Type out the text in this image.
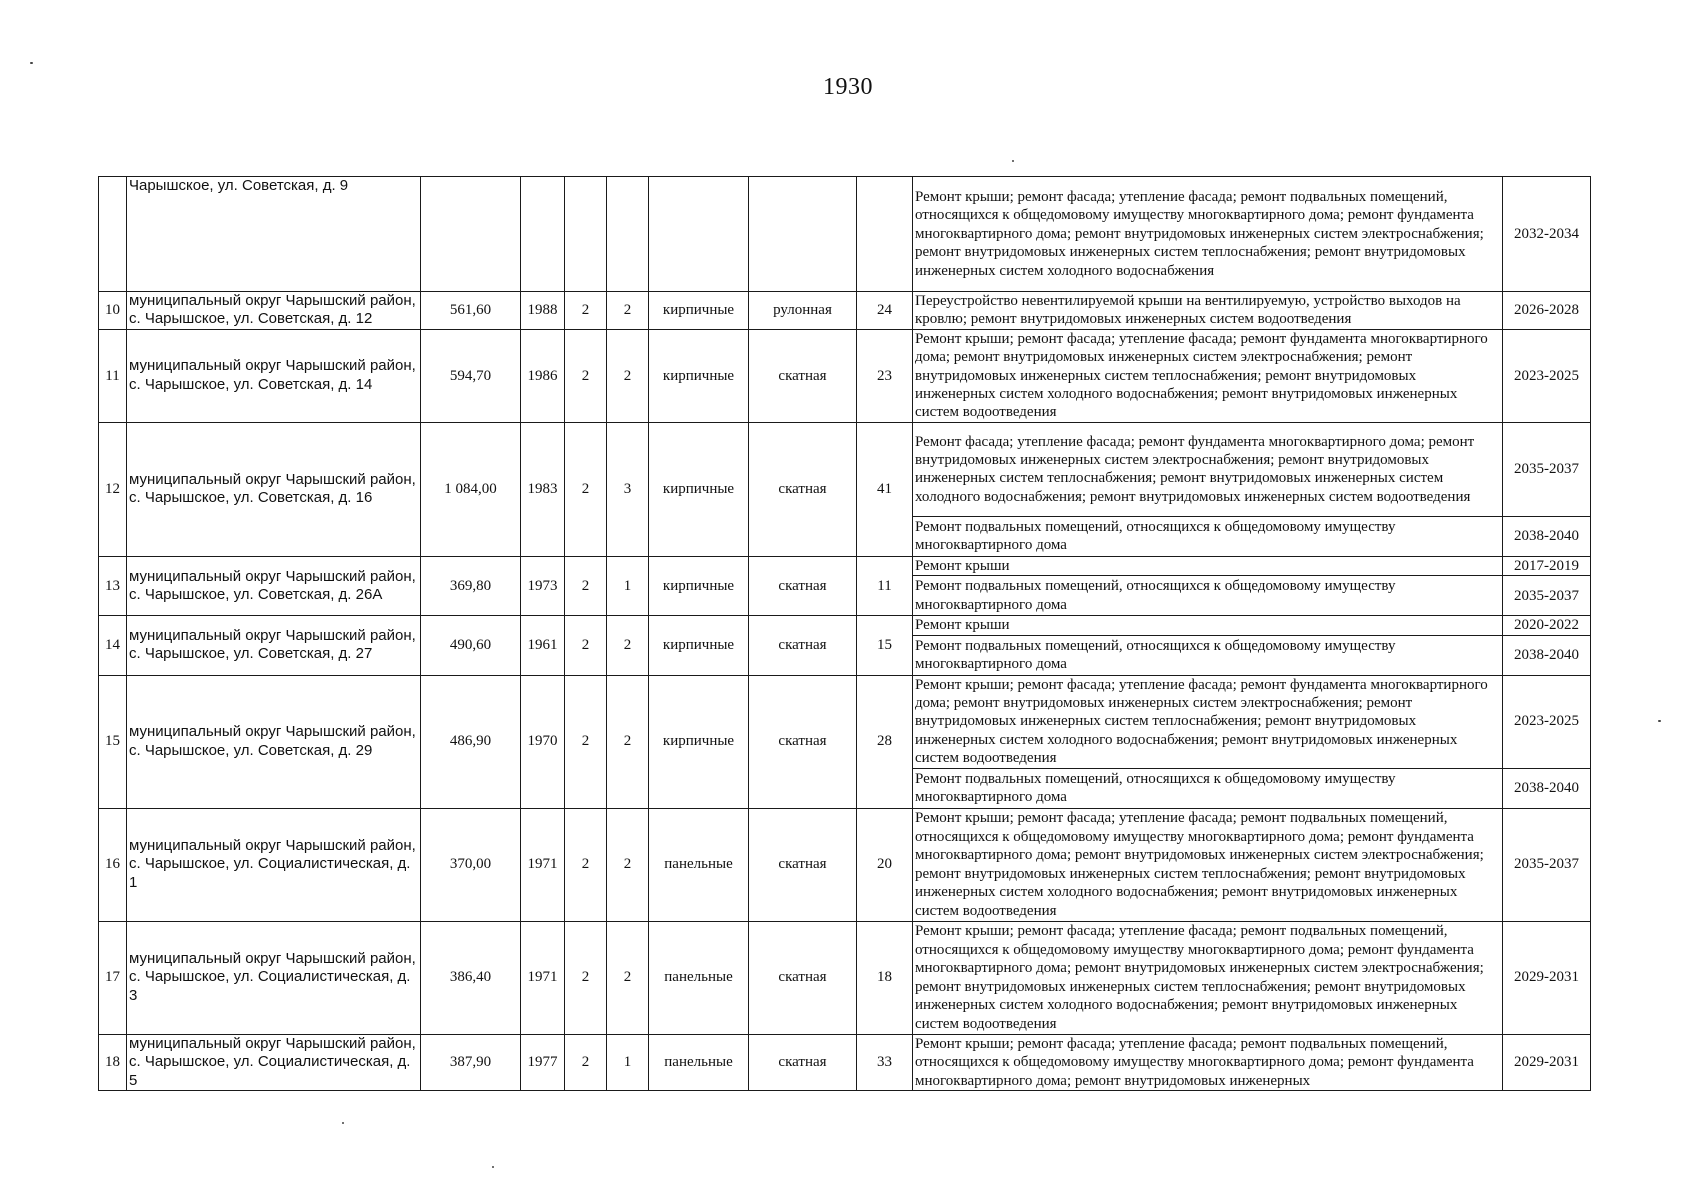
1930
	Чарышское, ул. Советская, д. 9								Ремонт крыши; ремонт фасада; утепление фасада; ремонт подвальных помещений, относящихся к общедомовому имуществу многоквартирного дома; ремонт фундамента многоквартирного дома; ремонт внутридомовых инженерных систем электроснабжения; ремонт внутридомовых инженерных систем теплоснабжения; ремонт внутридомовых инженерных систем холодного водоснабжения	2032-2034
10	муниципальный округ Чарышский район, с. Чарышское, ул. Советская, д. 12	561,60	1988	2	2	кирпичные	рулонная	24	Переустройство невентилируемой крыши на вентилируемую, устройство выходов на кровлю; ремонт внутридомовых инженерных систем водоотведения	2026-2028
11	муниципальный округ Чарышский район, с. Чарышское, ул. Советская, д. 14	594,70	1986	2	2	кирпичные	скатная	23	Ремонт крыши; ремонт фасада; утепление фасада; ремонт фундамента многоквартирного дома; ремонт внутридомовых инженерных систем электроснабжения; ремонт внутридомовых инженерных систем теплоснабжения; ремонт внутридомовых инженерных систем холодного водоснабжения; ремонт внутридомовых инженерных систем водоотведения	2023-2025
12	муниципальный округ Чарышский район, с. Чарышское, ул. Советская, д. 16	1 084,00	1983	2	3	кирпичные	скатная	41	Ремонт фасада; утепление фасада; ремонт фундамента многоквартирного дома; ремонт внутридомовых инженерных систем электроснабжения; ремонт внутридомовых инженерных систем теплоснабжения; ремонт внутридомовых инженерных систем холодного водоснабжения; ремонт внутридомовых инженерных систем водоотведения	2035-2037
									Ремонт подвальных помещений, относящихся к общедомовому имуществу многоквартирного дома	2038-2040
13	муниципальный округ Чарышский район, с. Чарышское, ул. Советская, д. 26А	369,80	1973	2	1	кирпичные	скатная	11	Ремонт крыши	2017-2019
									Ремонт подвальных помещений, относящихся к общедомовому имуществу многоквартирного дома	2035-2037
14	муниципальный округ Чарышский район, с. Чарышское, ул. Советская, д. 27	490,60	1961	2	2	кирпичные	скатная	15	Ремонт крыши	2020-2022
									Ремонт подвальных помещений, относящихся к общедомовому имуществу многоквартирного дома	2038-2040
15	муниципальный округ Чарышский район, с. Чарышское, ул. Советская, д. 29	486,90	1970	2	2	кирпичные	скатная	28	Ремонт крыши; ремонт фасада; утепление фасада; ремонт фундамента многоквартирного дома; ремонт внутридомовых инженерных систем электроснабжения; ремонт внутридомовых инженерных систем теплоснабжения; ремонт внутридомовых инженерных систем холодного водоснабжения; ремонт внутридомовых инженерных систем водоотведения	2023-2025
									Ремонт подвальных помещений, относящихся к общедомовому имуществу многоквартирного дома	2038-2040
16	муниципальный округ Чарышский район, с. Чарышское, ул. Социалистическая, д. 1	370,00	1971	2	2	панельные	скатная	20	Ремонт крыши; ремонт фасада; утепление фасада; ремонт подвальных помещений, относящихся к общедомовому имуществу многоквартирного дома; ремонт фундамента многоквартирного дома; ремонт внутридомовых инженерных систем электроснабжения; ремонт внутридомовых инженерных систем теплоснабжения; ремонт внутридомовых инженерных систем холодного водоснабжения; ремонт внутридомовых инженерных систем водоотведения	2035-2037
17	муниципальный округ Чарышский район, с. Чарышское, ул. Социалистическая, д. 3	386,40	1971	2	2	панельные	скатная	18	Ремонт крыши; ремонт фасада; утепление фасада; ремонт подвальных помещений, относящихся к общедомовому имуществу многоквартирного дома; ремонт фундамента многоквартирного дома; ремонт внутридомовых инженерных систем электроснабжения; ремонт внутридомовых инженерных систем теплоснабжения; ремонт внутридомовых инженерных систем холодного водоснабжения; ремонт внутридомовых инженерных систем водоотведения	2029-2031
18	муниципальный округ Чарышский район, с. Чарышское, ул. Социалистическая, д. 5	387,90	1977	2	1	панельные	скатная	33	Ремонт крыши; ремонт фасада; утепление фасада; ремонт подвальных помещений, относящихся к общедомовому имуществу многоквартирного дома; ремонт фундамента многоквартирного дома; ремонт внутридомовых инженерных	2029-2031
